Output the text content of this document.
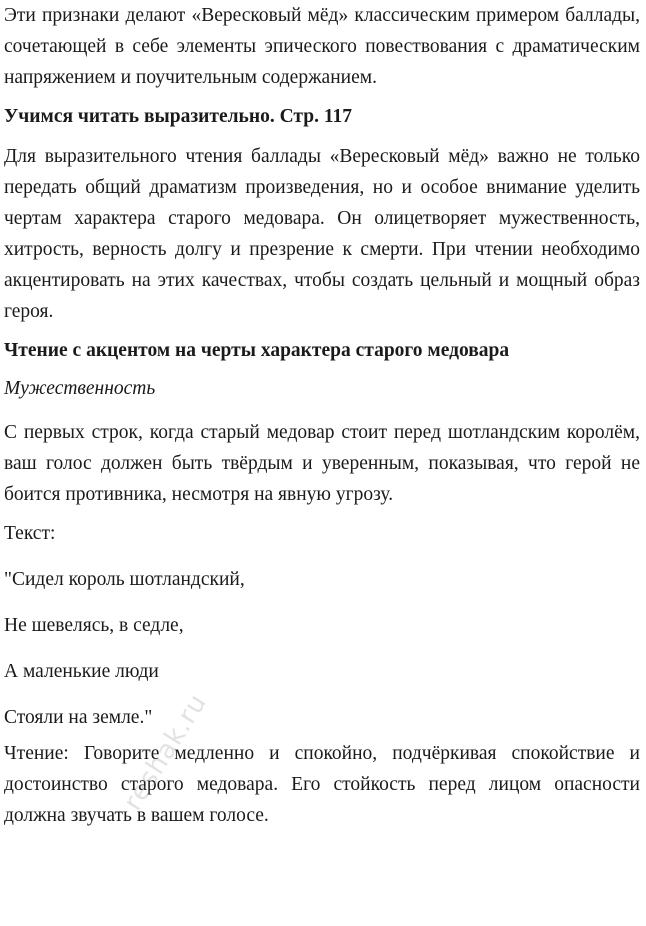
Эти признаки делают «Вересковый мёд» классическим примером баллады, сочетающей в себе элементы эпического повествования с драматическим напряжением и поучительным содержанием.

Учимся читать выразительно. Стр. 117

Для выразительного чтения баллады «Вересковый мёд» важно не только передать общий драматизм произведения, но и особое внимание уделить чертам характера старого медовара. Он олицетворяет мужественность, хитрость, верность долгу и презрение к смерти. При чтении необходимо акцентировать на этих качествах, чтобы создать цельный и мощный образ героя.

Чтение с акцентом на черты характера старого медовара
Мужественность

С первых строк, когда старый медовар стоит перед шотландским королём, ваш голос должен быть твёрдым и уверенным, показывая, что герой не боится противника, несмотря на явную угрозу.

Текст:
"Сидел король шотландский,
Не шевелясь, в седле,
А маленькие люди
Стояли на земле."

Чтение: Говорите медленно и спокойно, подчёркивая спокойствие и достоинство старого медовара. Его стойкость перед лицом опасности должна звучать в вашем голосе.

reshak.ru
